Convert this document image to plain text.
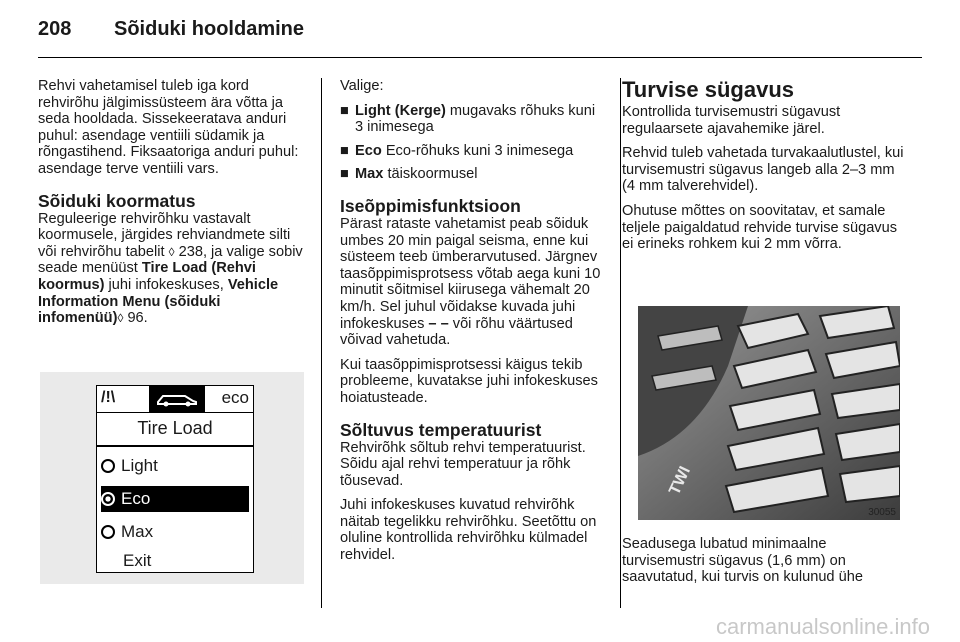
208 Sõiduki hooldamine

Rehvi vahetamisel tuleb iga kord rehvirõhu jälgimissüsteem ära võtta ja seda hooldada. Sissekeeratava anduri puhul: asendage ventiili südamik ja rõngastihend. Fiksaatoriga anduri puhul: asendage terve ventiili vars.

Sõiduki koormatus

Reguleerige rehvirõhku vastavalt koormusele, järgides rehviandmete silti või rehvirõhu tabelit ◊ 238, ja valige sobiv seade menüüst Tire Load (Rehvi koormus) juhi infokeskuses, Vehicle Information Menu (sõiduki infomenüü)◊ 96.

/!\	eco
Tire Load
Light
Eco
Max
Exit

Valige:

■ Light (Kerge) mugavaks rõhuks kuni 3 inimesega
■ Eco Eco-rõhuks kuni 3 inimesega
■ Max täiskoormusel
Iseõppimisfunktsioon

Pärast rataste vahetamist peab sõiduk umbes 20 min paigal seisma, enne kui süsteem teeb ümberarvutused. Järgnev taasõppimisprotsess võtab aega kuni 10 minutit sõitmisel kiirusega vähemalt 20 km/h. Sel juhul võidakse kuvada juhi infokeskuses – – või rõhu väärtused võivad vahetuda.

Kui taasõppimisprotsessi käigus tekib probleeme, kuvatakse juhi infokeskuses hoiatusteade.

Sõltuvus temperatuurist

Rehvirõhk sõltub rehvi temperatuurist. Sõidu ajal rehvi temperatuur ja rõhk tõusevad.

Juhi infokeskuses kuvatud rehvirõhk näitab tegelikku rehvirõhku. Seetõttu on oluline kontrollida rehvirõhku külmadel rehvidel.

Turvise sügavus

Kontrollida turvisemustri sügavust regulaarsete ajavahemike järel.

Rehvid tuleb vahetada turvakaalutlustel, kui turvisemustri sügavus langeb alla 2–3 mm (4 mm talverehvidel).

Ohutuse mõttes on soovitatav, et samale teljele paigaldatud rehvide turvise sügavus ei erineks rohkem kui 2 mm võrra.

TWI
30055

Seadusega lubatud minimaalne turvisemustri sügavus (1,6 mm) on saavutatud, kui turvis on kulunud ühe

carmanualsonline.info
